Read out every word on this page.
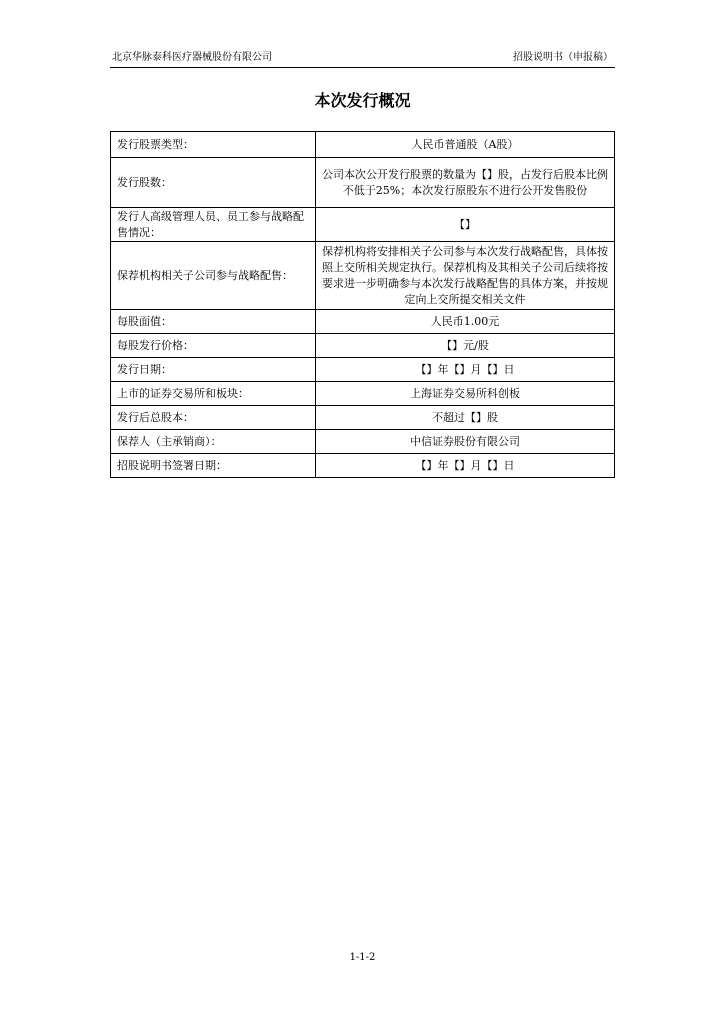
北京华脉泰科医疗器械股份有限公司	招股说明书（申报稿）
本次发行概况
发行股票类型：	人民币普通股（A股）
发行股数：	公司本次公开发行股票的数量为【】股，占发行后股本比例不低于25%；本次发行原股东不进行公开发售股份
发行人高级管理人员、员工参与战略配售情况：	【】
保荐机构相关子公司参与战略配售：	保荐机构将安排相关子公司参与本次发行战略配售，具体按照上交所相关规定执行。保荐机构及其相关子公司后续将按要求进一步明确参与本次发行战略配售的具体方案，并按规定向上交所提交相关文件
每股面值：	人民币1.00元
每股发行价格：	【】元/股
发行日期：	【】年【】月【】日
上市的证券交易所和板块：	上海证券交易所科创板
发行后总股本：	不超过【】股
保荐人（主承销商）：	中信证券股份有限公司
招股说明书签署日期：	【】年【】月【】日
1-1-2
